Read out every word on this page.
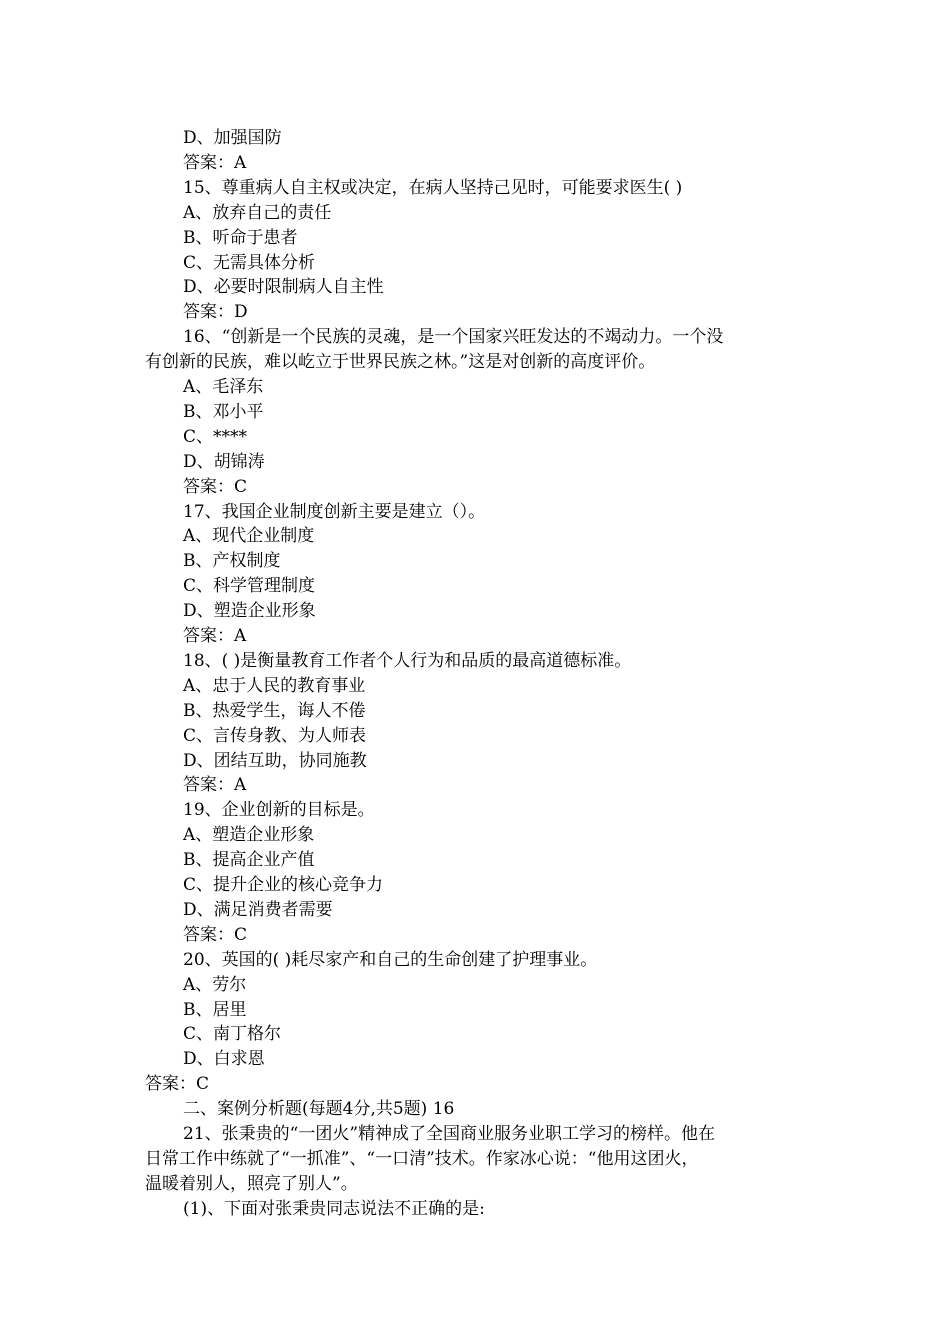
D、加强国防
答案：A
15、尊重病人自主权或决定，在病人坚持己见时，可能要求医生( )
A、放弃自己的责任
B、听命于患者
C、无需具体分析
D、必要时限制病人自主性
答案：D
16、“创新是一个民族的灵魂，是一个国家兴旺发达的不竭动力。一个没
有创新的民族，难以屹立于世界民族之林。”这是对创新的高度评价。
A、毛泽东
B、邓小平
C、****
D、胡锦涛
答案：C
17、我国企业制度创新主要是建立（）。
A、现代企业制度
B、产权制度
C、科学管理制度
D、塑造企业形象
答案：A
18、( )是衡量教育工作者个人行为和品质的最高道德标准。
A、忠于人民的教育事业
B、热爱学生，诲人不倦
C、言传身教、为人师表
D、团结互助，协同施教
答案：A
19、企业创新的目标是。
A、塑造企业形象
B、提高企业产值
C、提升企业的核心竞争力
D、满足消费者需要
答案：C
20、英国的( )耗尽家产和自己的生命创建了护理事业。
A、劳尔
B、居里
C、南丁格尔
D、白求恩
答案：C
二、案例分析题(每题4分,共5题) 16
21、张秉贵的“一团火”精神成了全国商业服务业职工学习的榜样。他在
日常工作中练就了“一抓准”、“一口清”技术。作家冰心说：“他用这团火，
温暖着别人，照亮了别人”。
(1)、下面对张秉贵同志说法不正确的是:
